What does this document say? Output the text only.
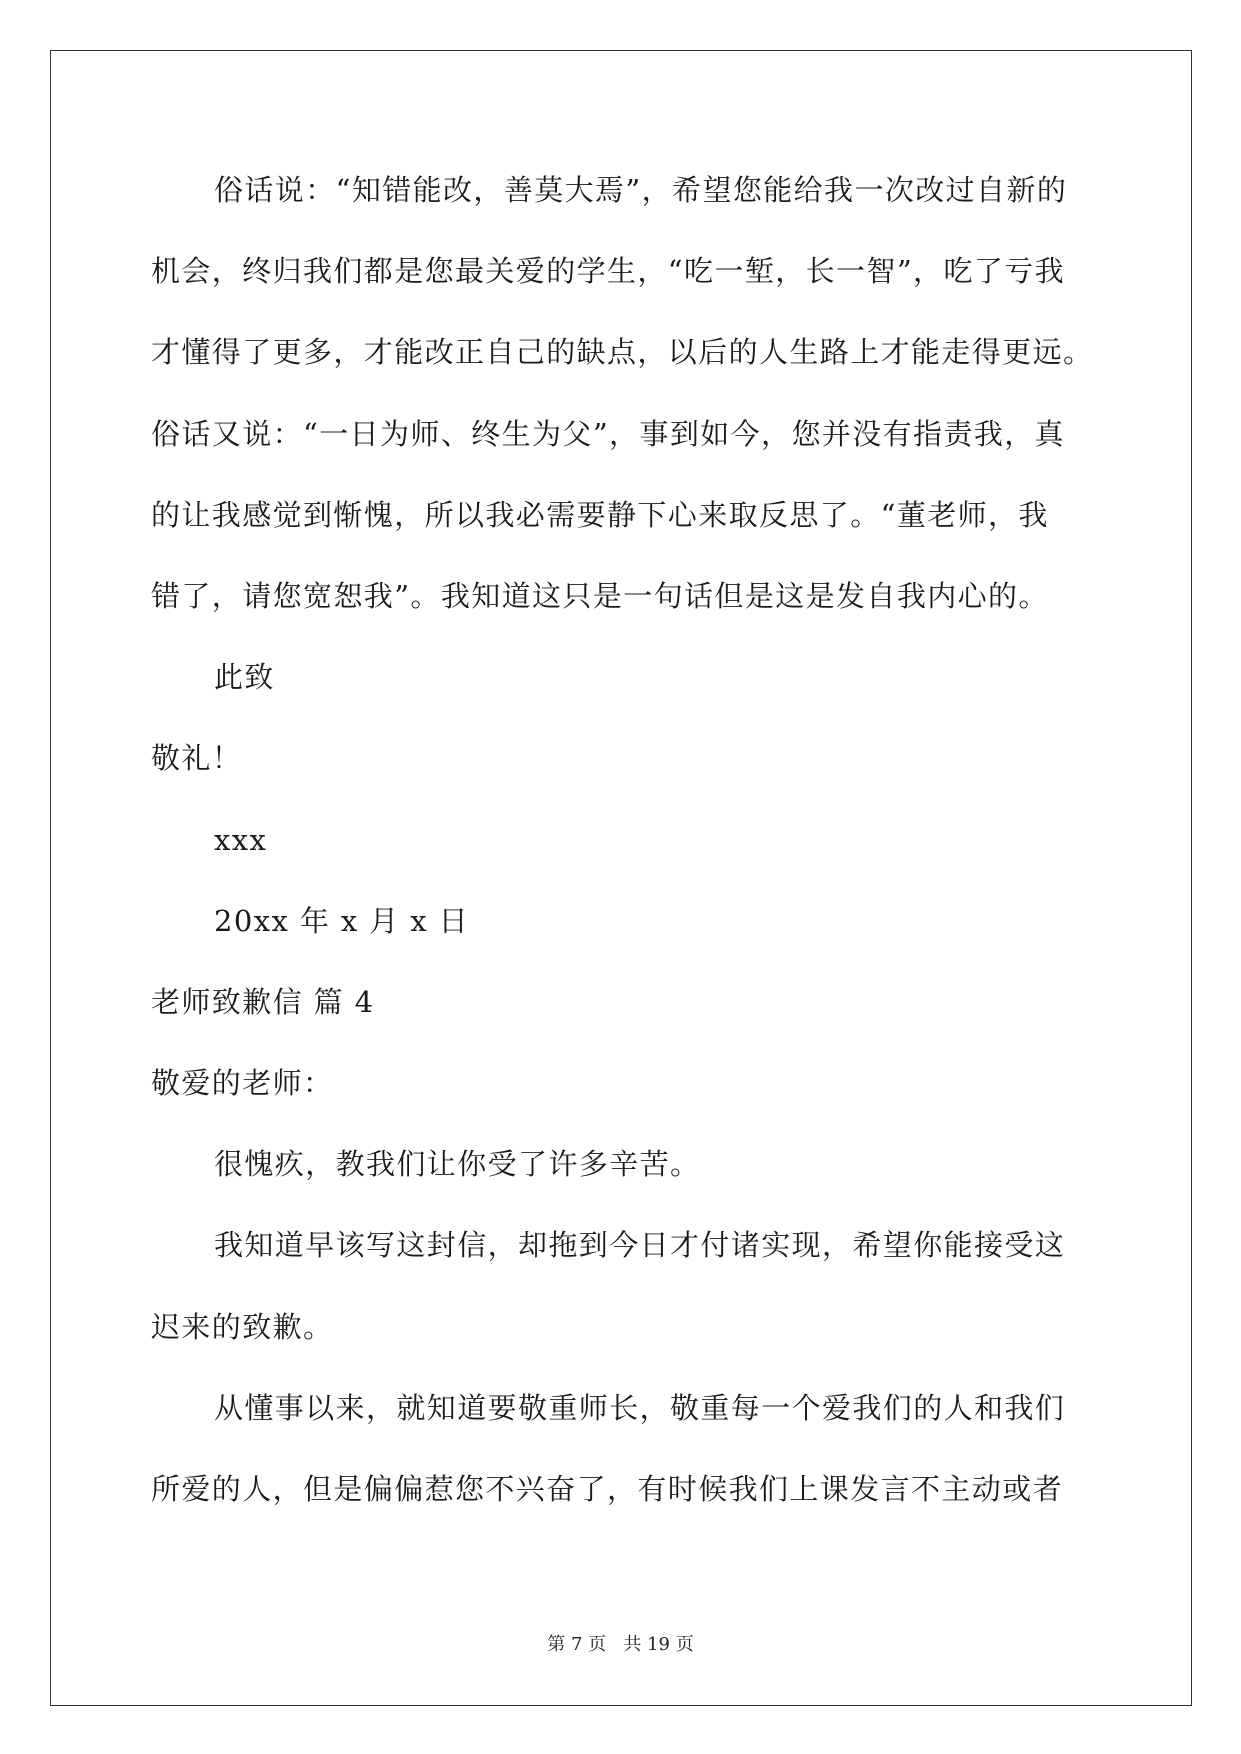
俗话说：“知错能改，善莫大焉”，希望您能给我一次改过自新的
机会，终归我们都是您最关爱的学生，“吃一堑，长一智”，吃了亏我
才懂得了更多，才能改正自己的缺点，以后的人生路上才能走得更远。
俗话又说：“一日为师、终生为父”，事到如今，您并没有指责我，真
的让我感觉到惭愧，所以我必需要静下心来取反思了。“董老师，我
错了，请您宽恕我”。我知道这只是一句话但是这是发自我内心的。
此致
敬礼！
xxx
20xx 年 x 月 x 日
老师致歉信 篇 4
敬爱的老师：
很愧疚，教我们让你受了许多辛苦。
我知道早该写这封信，却拖到今日才付诸实现，希望你能接受这
迟来的致歉。
从懂事以来，就知道要敬重师长，敬重每一个爱我们的人和我们
所爱的人，但是偏偏惹您不兴奋了，有时候我们上课发言不主动或者
第 7 页 共 19 页
